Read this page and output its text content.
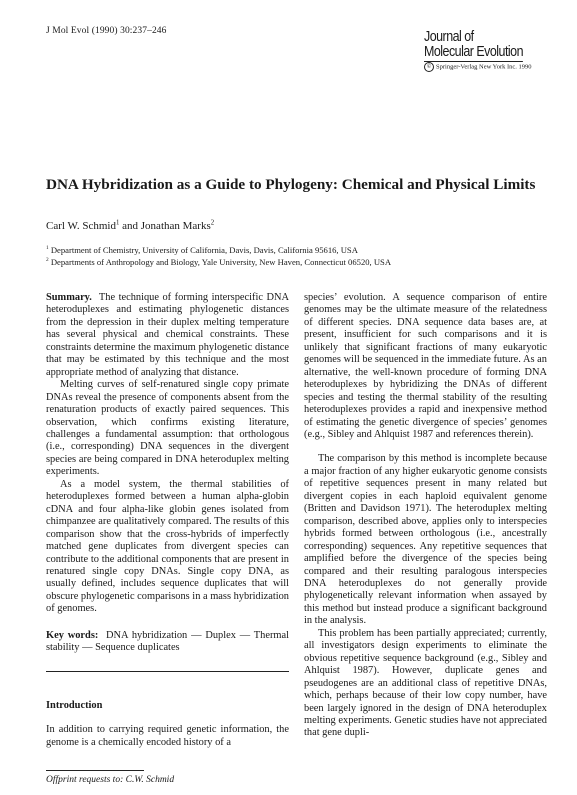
J Mol Evol (1990) 30:237–246	Journal of
Molecular Evolution
© Springer-Verlag New York Inc. 1990
DNA Hybridization as a Guide to Phylogeny: Chemical and Physical Limits
Carl W. Schmid$^1$ and Jonathan Marks$^2$
$^1$ Department of Chemistry, University of California, Davis, Davis, California 95616, USA
$^2$ Departments of Anthropology and Biology, Yale University, New Haven, Connecticut 06520, USA

Summary. The technique of forming interspecific DNA heteroduplexes and estimating phylogenetic distances from the depression in their duplex melting temperature has several physical and chemical constraints. These constraints determine the maximum phylogenetic distance that may be estimated by this technique and the most appropriate method of analyzing that distance.

Melting curves of self-renatured single copy primate DNAs reveal the presence of components absent from the renaturation products of exactly paired sequences. This observation, which confirms existing literature, challenges a fundamental assumption: that orthologous (i.e., corresponding) DNA sequences in the divergent species are being compared in DNA heteroduplex melting experiments.

As a model system, the thermal stabilities of heteroduplexes formed between a human alpha-globin cDNA and four alpha-like globin genes isolated from chimpanzee are qualitatively compared. The results of this comparison show that the cross-hybrids of imperfectly matched gene duplicates from divergent species can contribute to the additional components that are present in renatured single copy DNAs. Single copy DNA, as usually defined, includes sequence duplicates that will obscure phylogenetic comparisons in a mass hybridization of genomes.

Key words: DNA hybridization — Duplex — Thermal stability — Sequence duplicates

Introduction

In addition to carrying required genetic information, the genome is a chemically encoded history of a

species’ evolution. A sequence comparison of entire genomes may be the ultimate measure of the relatedness of different species. DNA sequence data bases are, at present, insufficient for such comparisons and it is unlikely that significant fractions of many eukaryotic genomes will be sequenced in the immediate future. As an alternative, the well-known procedure of forming DNA heteroduplexes by hybridizing the DNAs of different species and testing the thermal stability of the resulting heteroduplexes provides a rapid and inexpensive method of estimating the genetic divergence of species’ genomes (e.g., Sibley and Ahlquist 1987 and references therein).

The comparison by this method is incomplete because a major fraction of any higher eukaryotic genome consists of repetitive sequences present in many related but divergent copies in each haploid equivalent genome (Britten and Davidson 1971). The heteroduplex melting comparison, described above, applies only to interspecies hybrids formed between orthologous (i.e., ancestrally corresponding) sequences. Any repetitive sequences that amplified before the divergence of the species being compared and their resulting paralogous interspecies DNA heteroduplexes do not generally provide phylogenetically relevant information when assayed by this method but instead produce a significant background in the analysis.

This problem has been partially appreciated; currently, all investigators design experiments to eliminate the obvious repetitive sequence background (e.g., Sibley and Ahlquist 1987). However, duplicate genes and pseudogenes are an additional class of repetitive DNAs, which, perhaps because of their low copy number, have been largely ignored in the design of DNA heteroduplex melting experiments. Genetic studies have not appreciated that gene dupli-

Offprint requests to: C.W. Schmid
